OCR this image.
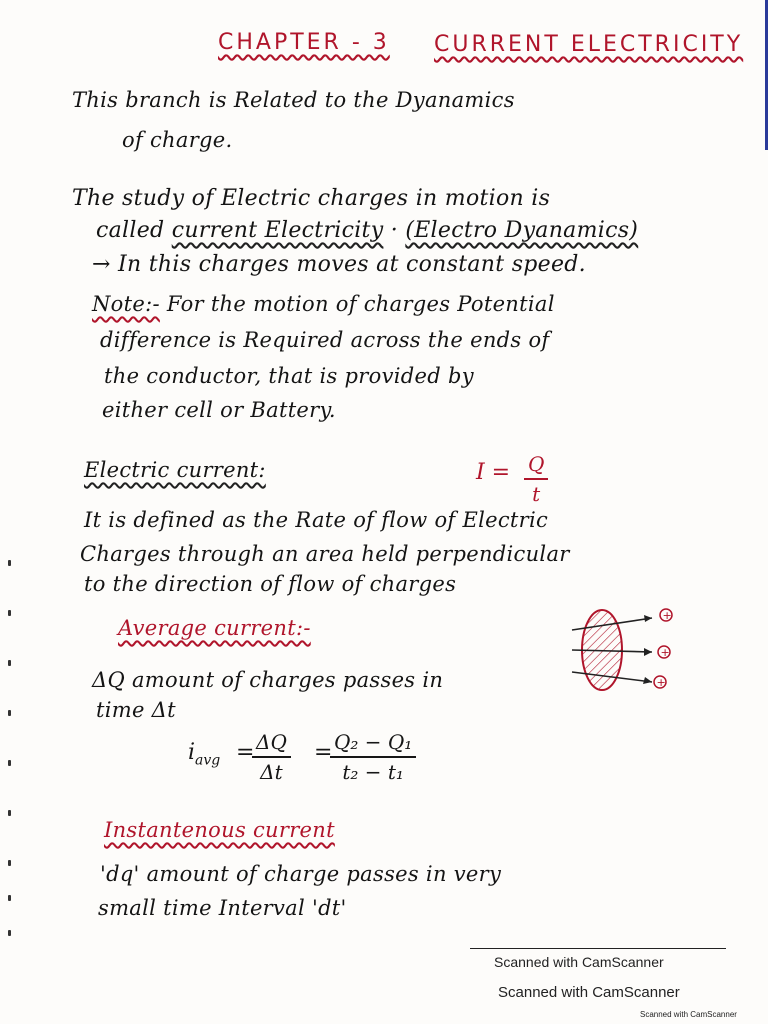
CHAPTER - 3 CURRENT ELECTRICITY
This branch is Related to the Dyanamics
of charge.
The study of Electric charges in motion is
called current Electricity · (Electro Dyanamics)
→ In this charges moves at constant speed.
Note:- For the motion of charges Potential
difference is Required across the ends of
the conductor, that is provided by
either cell or Battery.
Electric current:	$I = \frac{Q}{t}$
It is defined as the Rate of flow of Electric
Charges through an area held perpendicular
to the direction of flow of charges
Average current:-
ΔQ amount of charges passes in
time Δt
+
+
+
$i_{avg}$ =
$\frac{\Delta Q}{\Delta t}$ =
$\frac{\text{Q₂ − Q₁}}{\text{t₂ − t₁}}$
Instantenous current
'dq' amount of charge passes in very
small time Interval 'dt'
Scanned with CamScanner
Scanned with CamScanner
Scanned with CamScanner
